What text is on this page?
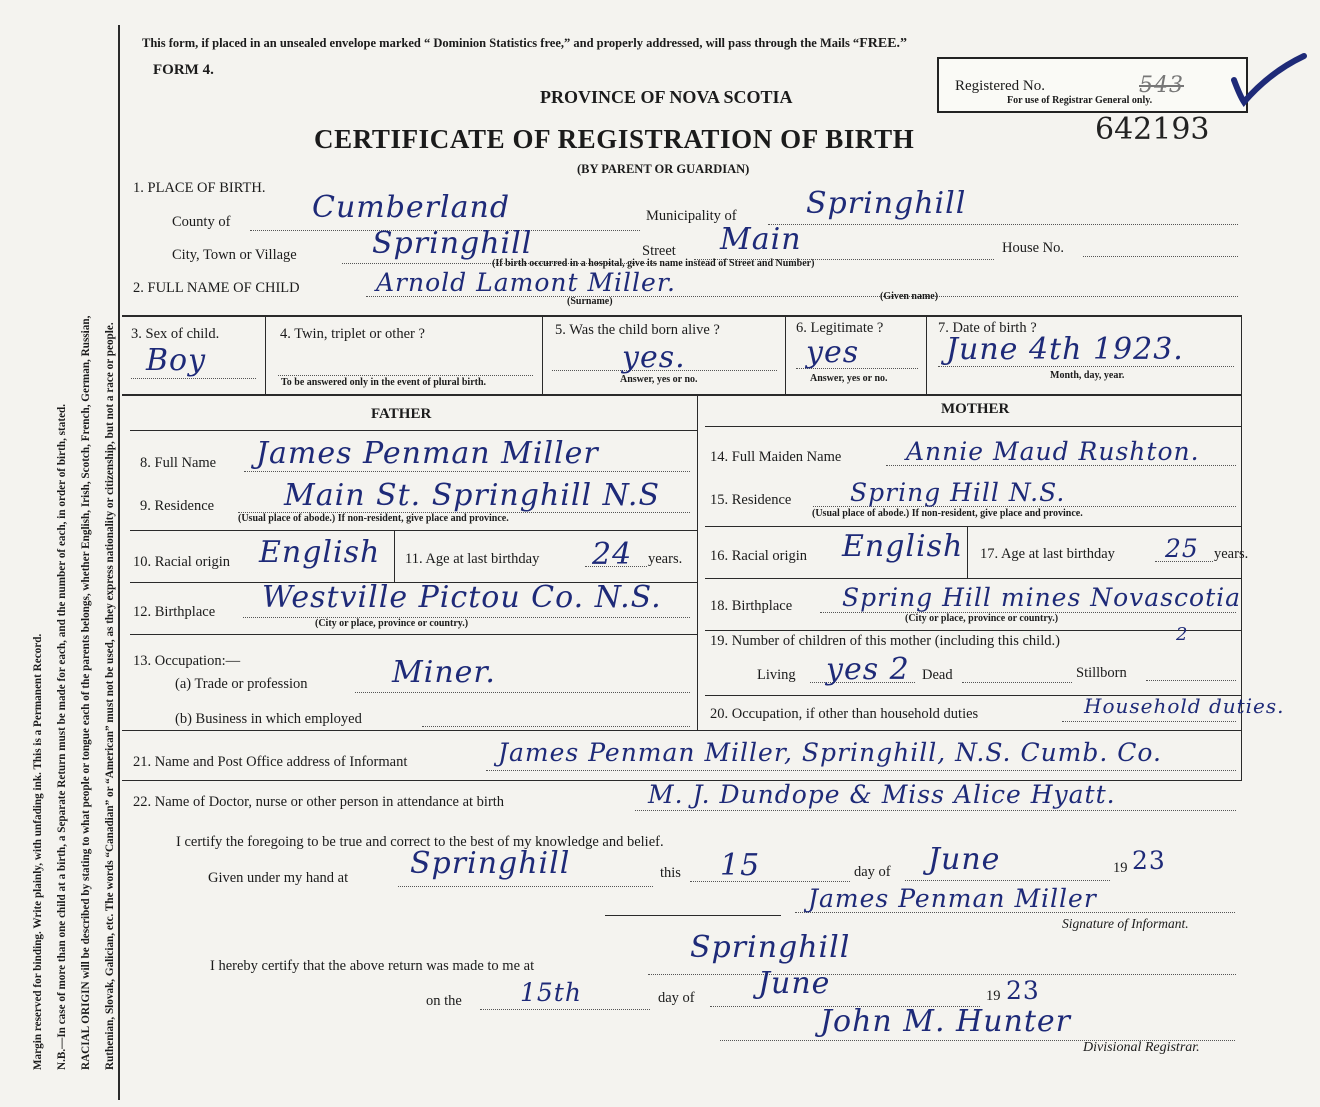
Margin reserved for binding. Write plainly, with unfading ink. This is a Permanent Record.	N.B.—In case of more than one child at a birth, a Separate Return must be made for each, and the number of each, in order of birth, stated.	RACIAL ORIGIN will be described by stating to what people or tongue each of the parents belongs, whether English, Irish, Scotch, French, German, Russian,	Ruthenian, Slovak, Galician, etc. The words “Canadian” or “American” must not be used, as they express nationality or citizenship, but not a race or people.
This form, if placed in an unsealed envelope marked “ Dominion Statistics free,” and properly addressed, will pass through the Mails “FREE.”
FORM 4.
PROVINCE OF NOVA SCOTIA
CERTIFICATE OF REGISTRATION OF BIRTH
(BY PARENT OR GUARDIAN)
Registered No.	543
For use of Registrar General only.
642193
1. PLACE OF BIRTH.
County of	Cumberland	Municipality of Springhill
City, Town or Village	Springhill	Street Main	House No.
(If birth occurred in a hospital, give its name instead of Street and Number)
2. FULL NAME OF CHILD	Arnold Lamont Miller.
(Surname)	(Given name)
3. Sex of child.
Boy
4. Twin, triplet or other ?
To be answered only in the event of plural birth.
5. Was the child born alive ?
yes.
Answer, yes or no.
6. Legitimate ?
yes
Answer, yes or no.
7. Date of birth ?
June 4th 1923.
Month, day, year.
FATHER	MOTHER
8. Full Name James Penman Miller
9. Residence Main St. Springhill N.S
(Usual place of abode.) If non-resident, give place and province.
10. Racial origin English 11. Age at last birthday 24 years.
12. Birthplace Westville Pictou Co. N.S.
(City or place, province or country.)
13. Occupation:—
(a) Trade or profession	Miner.
(b) Business in which employed
14. Full Maiden Name	Annie Maud Rushton.
15. Residence Spring Hill N.S.
(Usual place of abode.) If non-resident, give place and province.
16. Racial origin English 17. Age at last birthday 25 years.
18. Birthplace Spring Hill mines Novascotia
(City or place, province or country.)
19. Number of children of this mother (including this child.)	2
Living yes 2 Dead	Stillborn
20. Occupation, if other than household duties	Household duties.
21. Name and Post Office address of Informant	James Penman Miller, Springhill, N.S. Cumb. Co.
22. Name of Doctor, nurse or other person in attendance at birth	M. J. Dundope & Miss Alice Hyatt.
I certify the foregoing to be true and correct to the best of my knowledge and belief.
Given under my hand at Springhill	this 15	day of June	19 23
James Penman Miller
Signature of Informant.
I hereby certify that the above return was made to me at
Springhill
on the 15th	day of June	19 23
John M. Hunter
Divisional Registrar.
